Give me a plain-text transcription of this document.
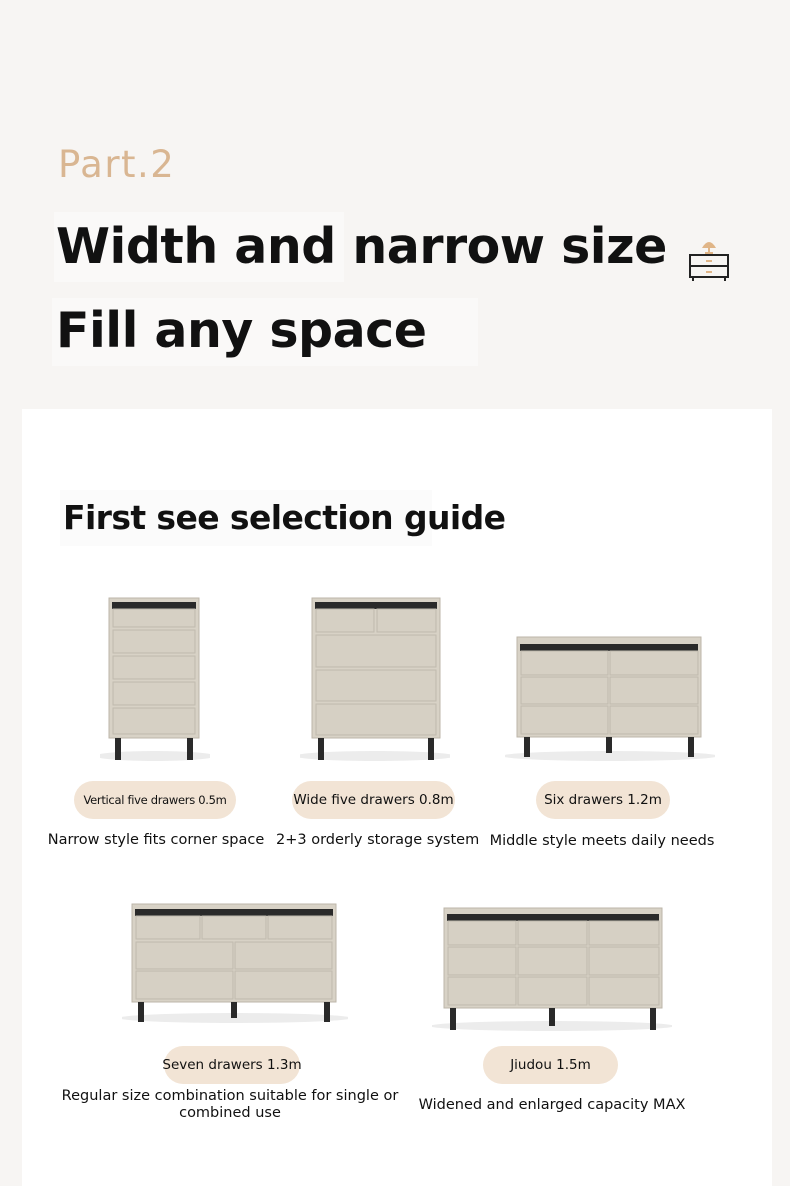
Part.2
Width and narrow size
Fill any space
First see selection guide
Vertical five drawers 0.5m	Wide five drawers 0.8m	Six drawers 1.2m
Seven drawers 1.3m	Jiudou 1.5m
Narrow style fits corner space 2+3 orderly storage system Middle style meets daily needs
Regular size combination suitable for single or
combined use	Widened and enlarged capacity MAX
